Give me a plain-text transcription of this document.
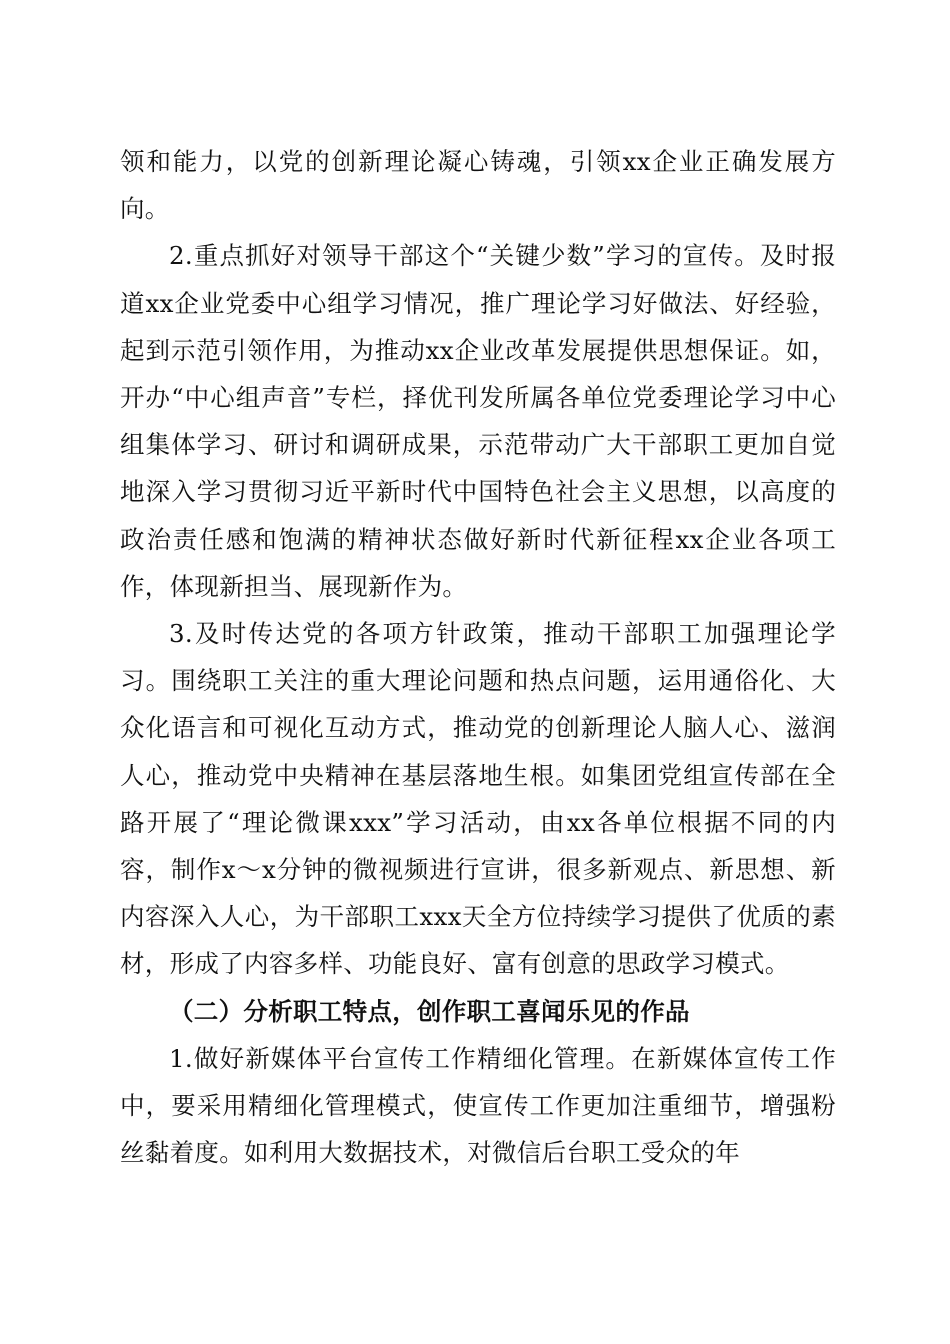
领和能力，以党的创新理论凝心铸魂，引领xx企业正确发展方向。

2.重点抓好对领导干部这个“关键少数”学习的宣传。及时报道xx企业党委中心组学习情况，推广理论学习好做法、好经验，起到示范引领作用，为推动xx企业改革发展提供思想保证。如，开办“中心组声音”专栏，择优刊发所属各单位党委理论学习中心组集体学习、研讨和调研成果，示范带动广大干部职工更加自觉地深入学习贯彻习近平新时代中国特色社会主义思想，以高度的政治责任感和饱满的精神状态做好新时代新征程xx企业各项工作，体现新担当、展现新作为。

3.及时传达党的各项方针政策，推动干部职工加强理论学习。围绕职工关注的重大理论问题和热点问题，运用通俗化、大众化语言和可视化互动方式，推动党的创新理论人脑人心、滋润人心，推动党中央精神在基层落地生根。如集团党组宣传部在全路开展了“理论微课xxx”学习活动，由xx各单位根据不同的内容，制作x～x分钟的微视频进行宣讲，很多新观点、新思想、新内容深入人心，为干部职工xxx天全方位持续学习提供了优质的素材，形成了内容多样、功能良好、富有创意的思政学习模式。

（二）分析职工特点，创作职工喜闻乐见的作品

1.做好新媒体平台宣传工作精细化管理。在新媒体宣传工作中，要采用精细化管理模式，使宣传工作更加注重细节，增强粉丝黏着度。如利用大数据技术，对微信后台职工受众的年
